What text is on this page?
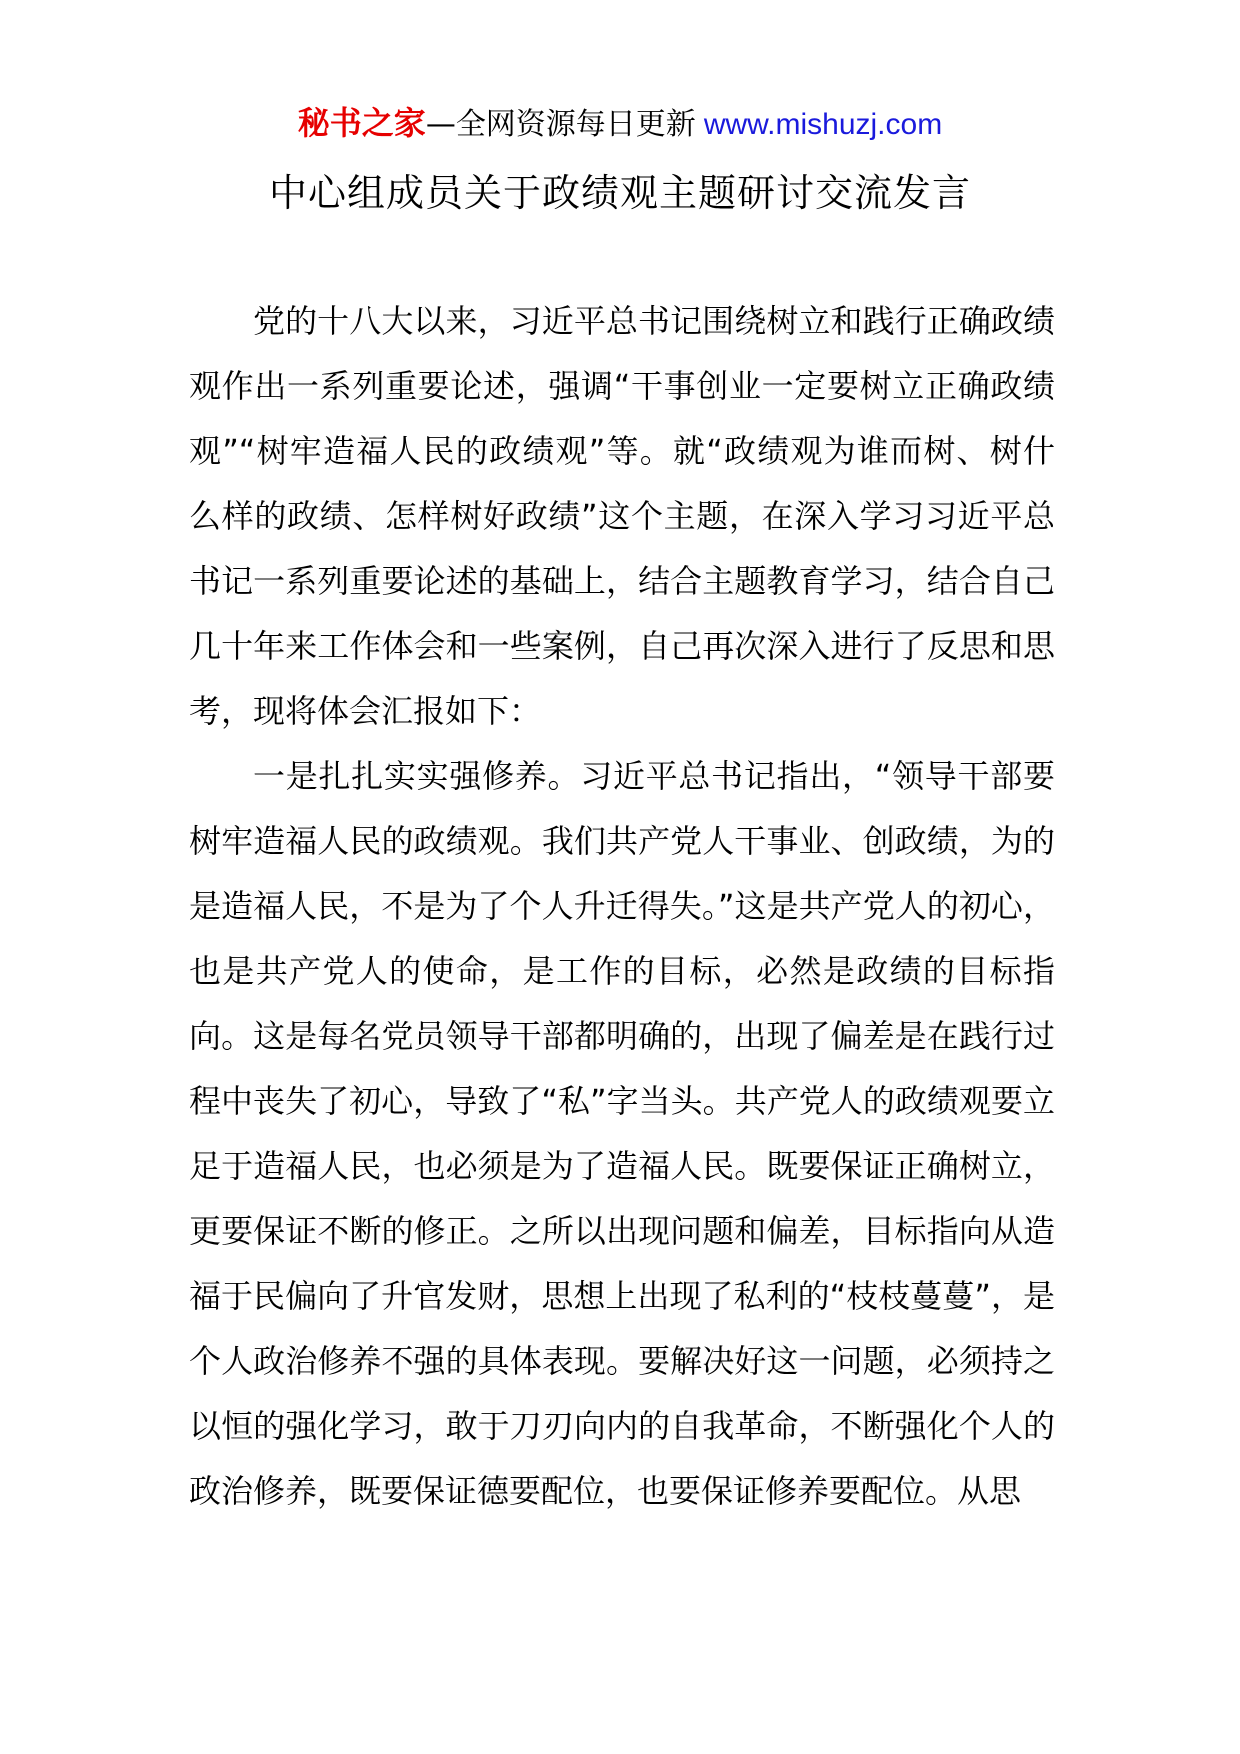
秘书之家—全网资源每日更新 www.mishuzj.com
中心组成员关于政绩观主题研讨交流发言

党的十八大以来，习近平总书记围绕树立和践行正确政绩观作出一系列重要论述，强调“干事创业一定要树立正确政绩观”“树牢造福人民的政绩观”等。就“政绩观为谁而树、树什么样的政绩、怎样树好政绩”这个主题，在深入学习习近平总书记一系列重要论述的基础上，结合主题教育学习，结合自己几十年来工作体会和一些案例，自己再次深入进行了反思和思考，现将体会汇报如下：

一是扎扎实实强修养。习近平总书记指出，“领导干部要树牢造福人民的政绩观。我们共产党人干事业、创政绩，为的是造福人民，不是为了个人升迁得失。”这是共产党人的初心，也是共产党人的使命，是工作的目标，必然是政绩的目标指向。这是每名党员领导干部都明确的，出现了偏差是在践行过程中丧失了初心，导致了“私”字当头。共产党人的政绩观要立足于造福人民，也必须是为了造福人民。既要保证正确树立，更要保证不断的修正。之所以出现问题和偏差，目标指向从造福于民偏向了升官发财，思想上出现了私利的“枝枝蔓蔓”，是个人政治修养不强的具体表现。要解决好这一问题，必须持之以恒的强化学习，敢于刀刃向内的自我革命，不断强化个人的政治修养，既要保证德要配位，也要保证修养要配位。从思
